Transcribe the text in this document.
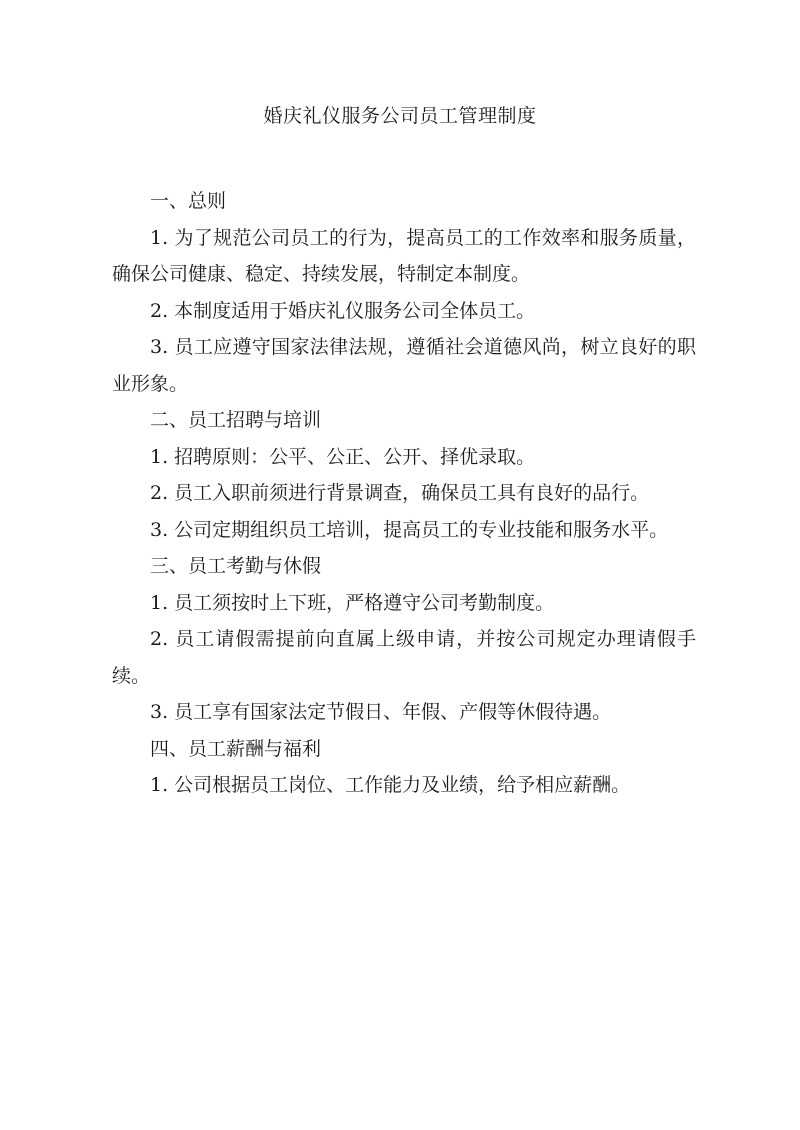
婚庆礼仪服务公司员工管理制度

一、总则

1. 为了规范公司员工的行为，提高员工的工作效率和服务质量，确保公司健康、稳定、持续发展，特制定本制度。

2. 本制度适用于婚庆礼仪服务公司全体员工。

3. 员工应遵守国家法律法规，遵循社会道德风尚，树立良好的职业形象。

二、员工招聘与培训

1. 招聘原则：公平、公正、公开、择优录取。

2. 员工入职前须进行背景调查，确保员工具有良好的品行。

3. 公司定期组织员工培训，提高员工的专业技能和服务水平。

三、员工考勤与休假

1. 员工须按时上下班，严格遵守公司考勤制度。

2. 员工请假需提前向直属上级申请，并按公司规定办理请假手续。

3. 员工享有国家法定节假日、年假、产假等休假待遇。

四、员工薪酬与福利

1. 公司根据员工岗位、工作能力及业绩，给予相应薪酬。
